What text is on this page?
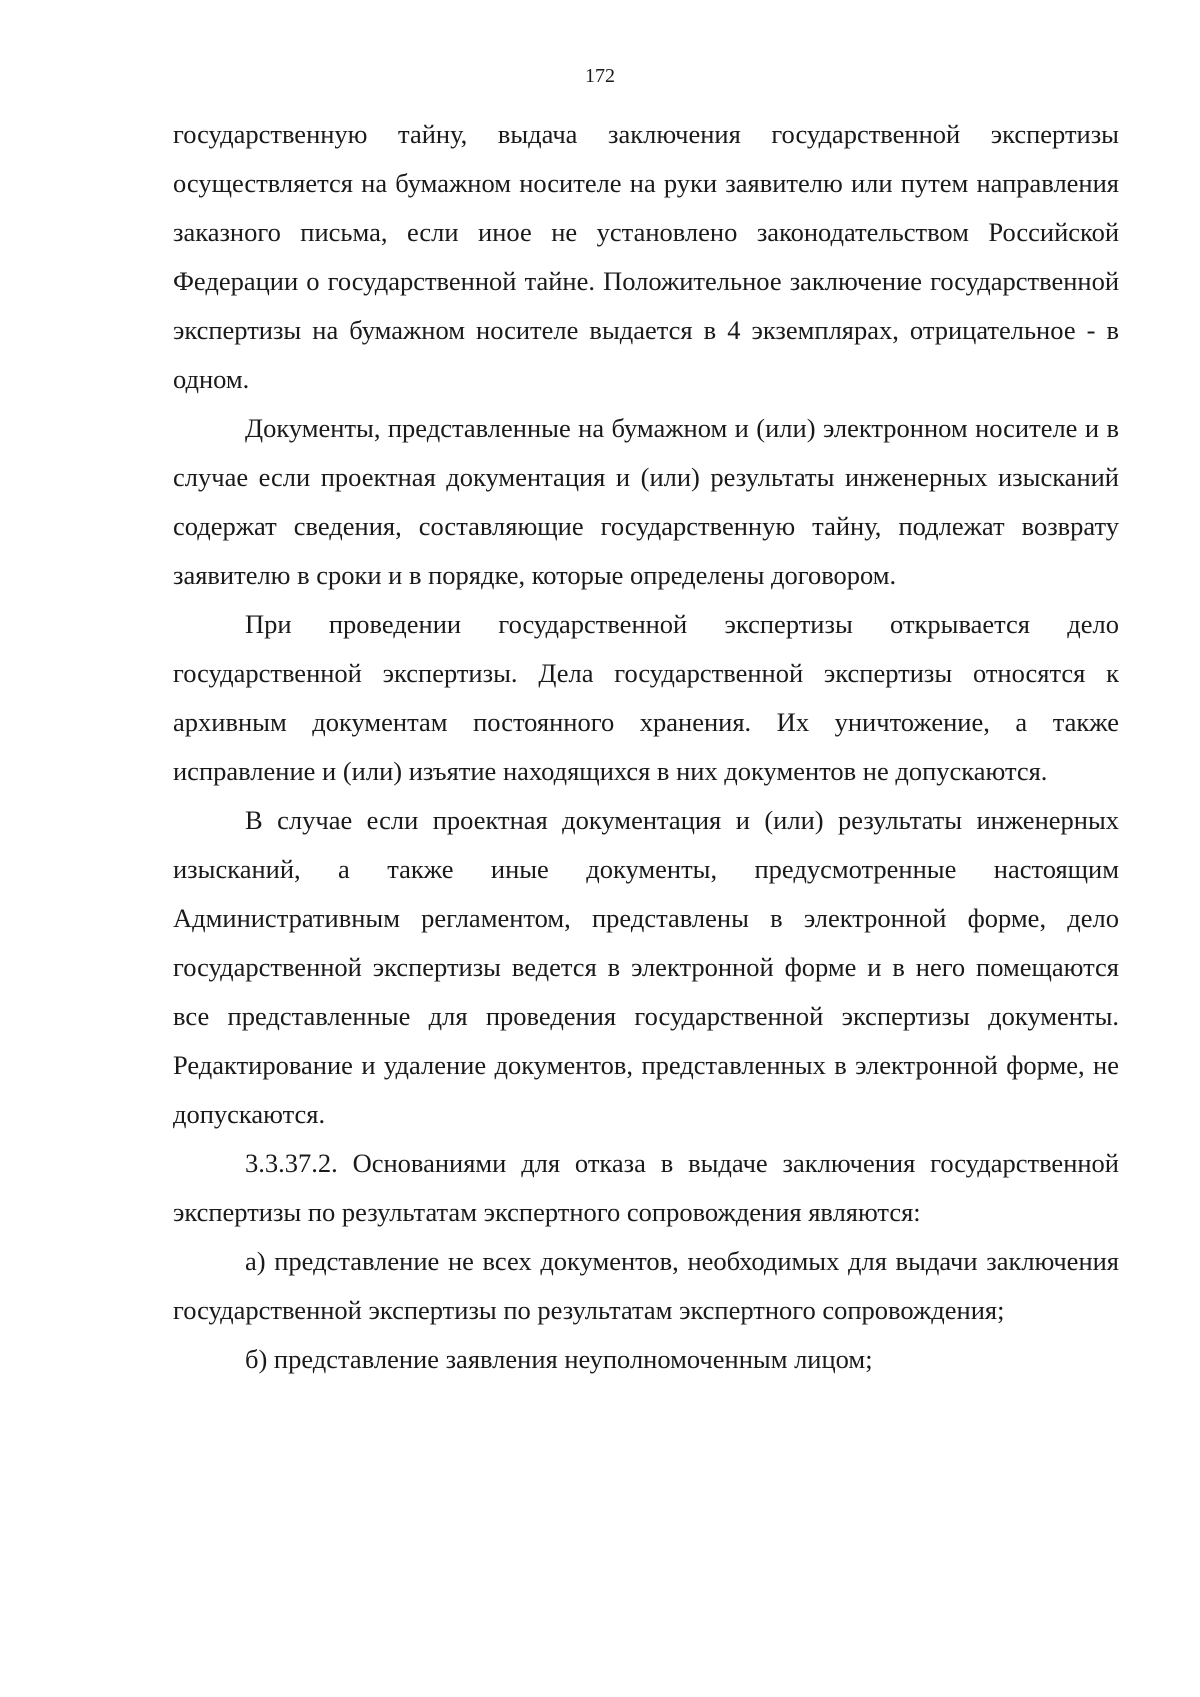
172

государственную тайну, выдача заключения государственной экспертизы осуществляется на бумажном носителе на руки заявителю или путем направления заказного письма, если иное не установлено законодательством Российской Федерации о государственной тайне. Положительное заключение государственной экспертизы на бумажном носителе выдается в 4 экземплярах, отрицательное - в одном.

Документы, представленные на бумажном и (или) электронном носителе и в случае если проектная документация и (или) результаты инженерных изысканий содержат сведения, составляющие государственную тайну, подлежат возврату заявителю в сроки и в порядке, которые определены договором.

При проведении государственной экспертизы открывается дело государственной экспертизы. Дела государственной экспертизы относятся к архивным документам постоянного хранения. Их уничтожение, а также исправление и (или) изъятие находящихся в них документов не допускаются.

В случае если проектная документация и (или) результаты инженерных изысканий, а также иные документы, предусмотренные настоящим Административным регламентом, представлены в электронной форме, дело государственной экспертизы ведется в электронной форме и в него помещаются все представленные для проведения государственной экспертизы документы. Редактирование и удаление документов, представленных в электронной форме, не допускаются.

3.3.37.2. Основаниями для отказа в выдаче заключения государственной экспертизы по результатам экспертного сопровождения являются:

а) представление не всех документов, необходимых для выдачи заключения государственной экспертизы по результатам экспертного сопровождения;

б) представление заявления неуполномоченным лицом;
